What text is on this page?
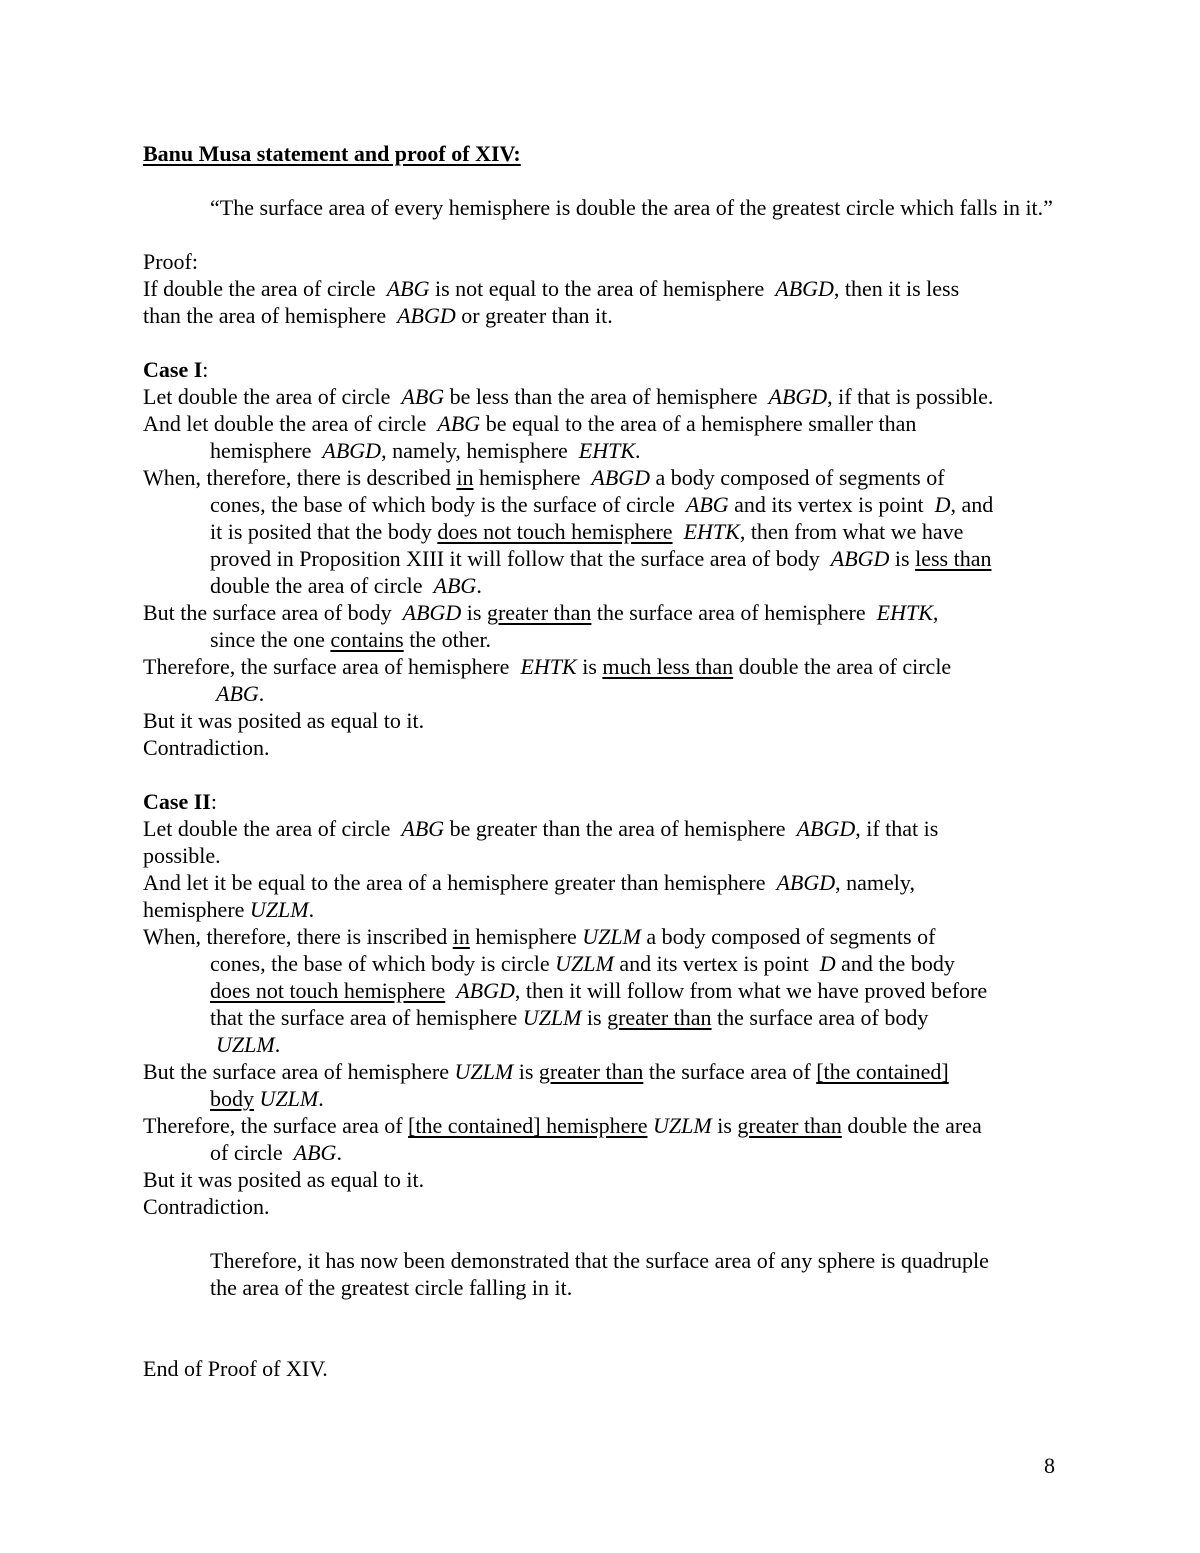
Banu Musa statement and proof of XIV:

“The surface area of every hemisphere is double the area of the greatest circle which falls in it.”

Proof:
If double the area of circle  ABG is not equal to the area of hemisphere  ABGD, then it is less
than the area of hemisphere  ABGD or greater than it.

Case I:
Let double the area of circle  ABG be less than the area of hemisphere  ABGD, if that is possible.
And let double the area of circle  ABG be equal to the area of a hemisphere smaller than
hemisphere  ABGD, namely, hemisphere  EHTK.
When, therefore, there is described in hemisphere  ABGD a body composed of segments of
cones, the base of which body is the surface of circle  ABG and its vertex is point  D, and
it is posited that the body does not touch hemisphere EHTK, then from what we have
proved in Proposition XIII it will follow that the surface area of body  ABGD is less than
double the area of circle  ABG.
But the surface area of body  ABGD is greater than the surface area of hemisphere  EHTK,
since the one contains the other.
Therefore, the surface area of hemisphere  EHTK is much less than double the area of circle
ABG.
But it was posited as equal to it.
Contradiction.

Case II:
Let double the area of circle  ABG be greater than the area of hemisphere  ABGD, if that is
possible.
And let it be equal to the area of a hemisphere greater than hemisphere  ABGD, namely,
hemisphere UZLM.
When, therefore, there is inscribed in hemisphere UZLM a body composed of segments of
cones, the base of which body is circle UZLM and its vertex is point  D and the body
does not touch hemisphere ABGD, then it will follow from what we have proved before
that the surface area of hemisphere UZLM is greater than the surface area of body
UZLM.
But the surface area of hemisphere UZLM is greater than the surface area of [the contained]
body UZLM.
Therefore, the surface area of [the contained] hemisphere UZLM is greater than double the area
of circle  ABG.
But it was posited as equal to it.
Contradiction.

Therefore, it has now been demonstrated that the surface area of any sphere is quadruple
the area of the greatest circle falling in it.

End of Proof of XIV.
8
